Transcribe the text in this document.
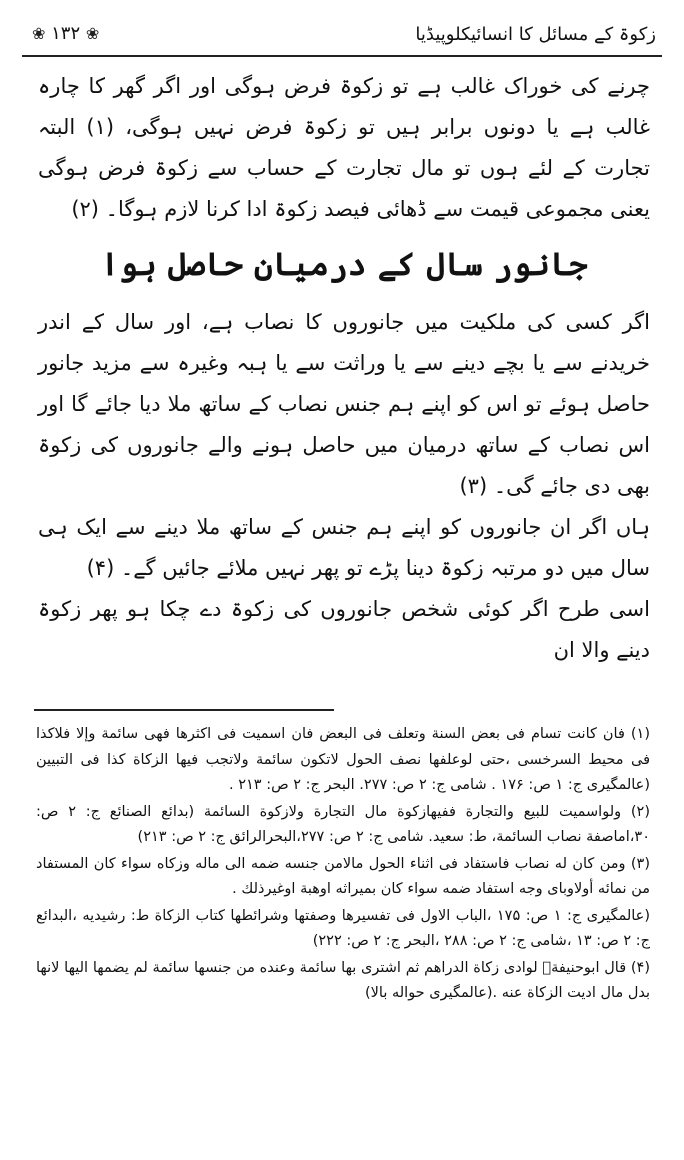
زکوۃ کے مسائل کا انسائیکلوپیڈیا
❀ ۱۳۲ ❀

چرنے کی خوراک غالب ہے تو زکوۃ فرض ہوگی اور اگر گھر کا چارہ غالب ہے یا دونوں برابر ہیں تو زکوۃ فرض نہیں ہوگی، (۱) البتہ تجارت کے لئے ہوں تو مال تجارت کے حساب سے زکوۃ فرض ہوگی یعنی مجموعی قیمت سے ڈھائی فیصد زکوۃ ادا کرنا لازم ہوگا۔ (۲)

جانور سال کے درمیان حاصل ہوا

اگر کسی کی ملکیت میں جانوروں کا نصاب ہے، اور سال کے اندر خریدنے سے یا بچے دینے سے یا وراثت سے یا ہبہ وغیرہ سے مزید جانور حاصل ہوئے تو اس کو اپنے ہم جنس نصاب کے ساتھ ملا دیا جائے گا اور اس نصاب کے ساتھ درمیان میں حاصل ہونے والے جانوروں کی زکوۃ بھی دی جائے گی۔ (۳)

ہاں اگر ان جانوروں کو اپنے ہم جنس کے ساتھ ملا دینے سے ایک ہی سال میں دو مرتبہ زکوۃ دینا پڑے تو پھر نہیں ملائے جائیں گے۔ (۴)

اسی طرح اگر کوئی شخص جانوروں کی زکوۃ دے چکا ہو پھر زکوۃ دینے والا ان

(۱) فان كانت تسام فى بعض السنة وتعلف فى البعض فان اسميت فى اكثرها فهى سائمة وإلا فلاكذا فى محيط السرخسى ،حتى لوعلفها نصف الحول لاتكون سائمة ولاتجب فيها الزكاة كذا فى التبيين (عالمگیری ج: ۱ ص: ۱۷۶ . شامی ج: ۲ ص: ۲۷۷. البحر ج: ۲ ص: ۲۱۳ .

(۲) ولواسميت للبيع والتجارة ففيهازكوة مال التجارة ولازكوة السائمة (بدائع الصنائع ج: ۲ ص: ۳۰،اماصفة نصاب السائمة، ط: سعيد. شامی ج: ۲ ص: ۲۷۷،البحرالرائق ج: ۲ ص: ۲۱۳)

(۳) ومن كان له نصاب فاستفاد فى اثناء الحول مالامن جنسه ضمه الى ماله وزكاه سواء كان المستفاد من نمائه أولاوباى وجه استفاد ضمه سواء كان بميراثه اوهبة اوغيرذلك .

(عالمگیری ج: ۱ ص: ۱۷۵ ،الباب الاول فى تفسيرها وصفتها وشرائطها كتاب الزكاة ط: رشیدیه ،البدائع ج: ۲ ص: ۱۳ ،شامی ج: ۲ ص: ۲۸۸ ،البحر ج: ۲ ص: ۲۲۲)

(۴) قال ابوحنيفةؒ لوادى زكاة الدراهم ثم اشترى بها سائمة وعنده من جنسها سائمة لم يضمها اليها لانها بدل مال اديت الزكاة عنه .(عالمگیری حواله بالا)
